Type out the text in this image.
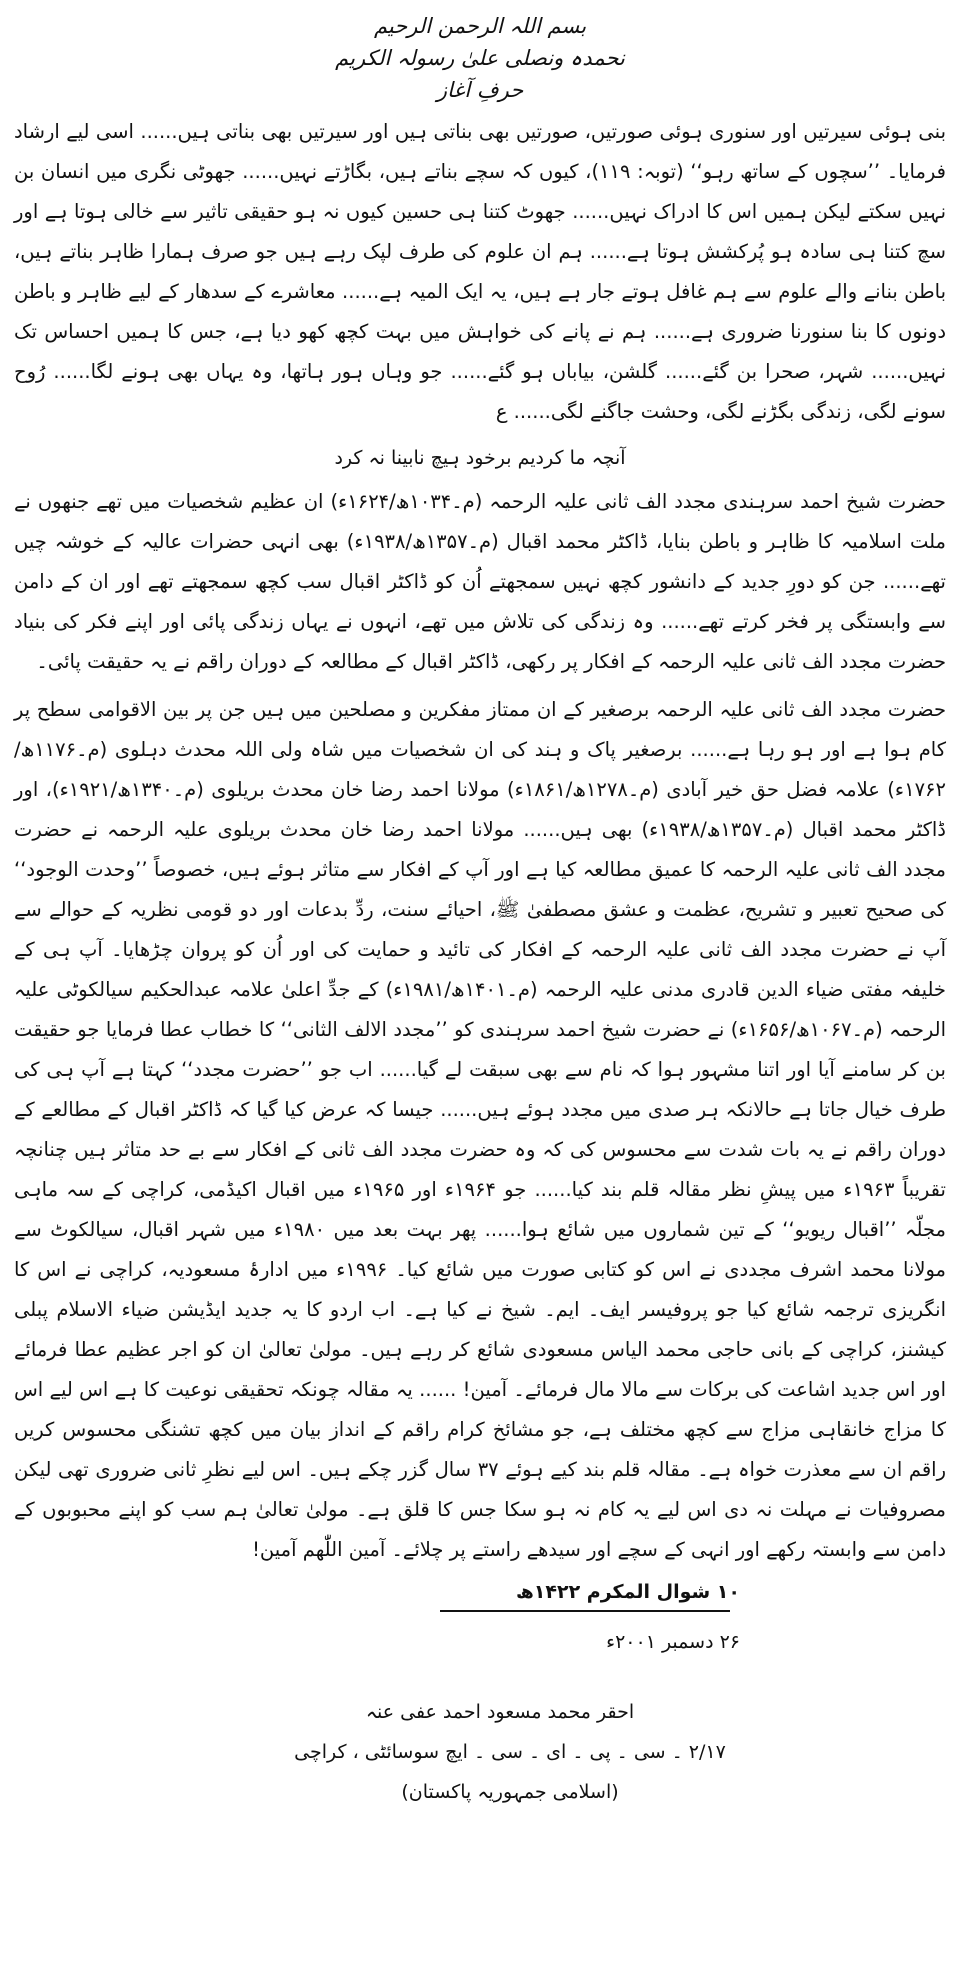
بسم اللہ الرحمن الرحیم
نحمدہ ونصلی علیٰ رسولہ الکریم
حرفِ آغاز

بنی ہوئی سیرتیں اور سنوری ہوئی صورتیں، صورتیں بھی بناتی ہیں اور سیرتیں بھی بناتی ہیں...... اسی لیے ارشاد فرمایا۔ ’’سچوں کے ساتھ رہو‘‘ (توبہ: ۱۱۹)، کیوں کہ سچے بناتے ہیں، بگاڑتے نہیں...... جھوٹی نگری میں انسان بن نہیں سکتے لیکن ہمیں اس کا ادراک نہیں...... جھوٹ کتنا ہی حسین کیوں نہ ہو حقیقی تاثیر سے خالی ہوتا ہے اور سچ کتنا ہی سادہ ہو پُرکشش ہوتا ہے...... ہم ان علوم کی طرف لپک رہے ہیں جو صرف ہمارا ظاہر بناتے ہیں، باطن بنانے والے علوم سے ہم غافل ہوتے جار ہے ہیں، یہ ایک المیہ ہے...... معاشرے کے سدھار کے لیے ظاہر و باطن دونوں کا بنا سنورنا ضروری ہے...... ہم نے پانے کی خواہش میں بہت کچھ کھو دیا ہے، جس کا ہمیں احساس تک نہیں...... شہر، صحرا بن گئے...... گلشن، بیاباں ہو گئے...... جو وہاں ہور ہاتھا، وہ یہاں بھی ہونے لگا...... رُوح سونے لگی، زندگی بگڑنے لگی، وحشت جاگنے لگی...... ع

آنچہ ما کردیم برخود ہیچ نابینا نہ کرد

حضرت شیخ احمد سرہندی مجدد الف ثانی علیہ الرحمہ (م۔۱۰۳۴ھ/۱۶۲۴ء) ان عظیم شخصیات میں تھے جنھوں نے ملت اسلامیہ کا ظاہر و باطن بنایا، ڈاکٹر محمد اقبال (م۔۱۳۵۷ھ/۱۹۳۸ء) بھی انہی حضرات عالیہ کے خوشہ چیں تھے...... جن کو دورِ جدید کے دانشور کچھ نہیں سمجھتے اُن کو ڈاکٹر اقبال سب کچھ سمجھتے تھے اور ان کے دامن سے وابستگی پر فخر کرتے تھے...... وہ زندگی کی تلاش میں تھے، انہوں نے یہاں زندگی پائی اور اپنے فکر کی بنیاد حضرت مجدد الف ثانی علیہ الرحمہ کے افکار پر رکھی، ڈاکٹر اقبال کے مطالعہ کے دوران راقم نے یہ حقیقت پائی۔

حضرت مجدد الف ثانی علیہ الرحمہ برصغیر کے ان ممتاز مفکرین و مصلحین میں ہیں جن پر بین الاقوامی سطح پر کام ہوا ہے اور ہو رہا ہے...... برصغیر پاک و ہند کی ان شخصیات میں شاہ ولی اللہ محدث دہلوی (م۔۱۱۷۶ھ/۱۷۶۲ء) علامہ فضل حق خیر آبادی (م۔۱۲۷۸ھ/۱۸۶۱ء) مولانا احمد رضا خان محدث بریلوی (م۔۱۳۴۰ھ/۱۹۲۱ء)، اور ڈاکٹر محمد اقبال (م۔۱۳۵۷ھ/۱۹۳۸ء) بھی ہیں...... مولانا احمد رضا خان محدث بریلوی علیہ الرحمہ نے حضرت مجدد الف ثانی علیہ الرحمہ کا عمیق مطالعہ کیا ہے اور آپ کے افکار سے متاثر ہوئے ہیں، خصوصاً ’’وحدت الوجود‘‘ کی صحیح تعبیر و تشریح، عظمت و عشق مصطفیٰ ﷺ، احیائے سنت، ردِّ بدعات اور دو قومی نظریہ کے حوالے سے آپ نے حضرت مجدد الف ثانی علیہ الرحمہ کے افکار کی تائید و حمایت کی اور اُن کو پروان چڑھایا۔ آپ ہی کے خلیفہ مفتی ضیاء الدین قادری مدنی علیہ الرحمہ (م۔۱۴۰۱ھ/۱۹۸۱ء) کے جدِّ اعلیٰ علامہ عبدالحکیم سیالکوٹی علیہ الرحمہ (م۔۱۰۶۷ھ/۱۶۵۶ء) نے حضرت شیخ احمد سرہندی کو ’’مجدد الالف الثانی‘‘ کا خطاب عطا فرمایا جو حقیقت بن کر سامنے آیا اور اتنا مشہور ہوا کہ نام سے بھی سبقت لے گیا...... اب جو ’’حضرت مجدد‘‘ کہتا ہے آپ ہی کی طرف خیال جاتا ہے حالانکہ ہر صدی میں مجدد ہوئے ہیں...... جیسا کہ عرض کیا گیا کہ ڈاکٹر اقبال کے مطالعے کے دوران راقم نے یہ بات شدت سے محسوس کی کہ وہ حضرت مجدد الف ثانی کے افکار سے بے حد متاثر ہیں چنانچہ تقریباً ۱۹۶۳ء میں پیشِ نظر مقالہ قلم بند کیا...... جو ۱۹۶۴ء اور ۱۹۶۵ء میں اقبال اکیڈمی، کراچی کے سہ ماہی مجلّہ ’’اقبال ریویو‘‘ کے تین شماروں میں شائع ہوا...... پھر بہت بعد میں ۱۹۸۰ء میں شہر اقبال، سیالکوٹ سے مولانا محمد اشرف مجددی نے اس کو کتابی صورت میں شائع کیا۔ ۱۹۹۶ء میں ادارۂ مسعودیہ، کراچی نے اس کا انگریزی ترجمہ شائع کیا جو پروفیسر ایف۔ ایم۔ شیخ نے کیا ہے۔ اب اردو کا یہ جدید ایڈیشن ضیاء الاسلام پبلی کیشنز، کراچی کے بانی حاجی محمد الیاس مسعودی شائع کر رہے ہیں۔ مولیٰ تعالیٰ ان کو اجر عظیم عطا فرمائے اور اس جدید اشاعت کی برکات سے مالا مال فرمائے۔ آمین! ...... یہ مقالہ چونکہ تحقیقی نوعیت کا ہے اس لیے اس کا مزاج خانقاہی مزاج سے کچھ مختلف ہے، جو مشائخ کرام راقم کے انداز بیان میں کچھ تشنگی محسوس کریں راقم ان سے معذرت خواہ ہے۔ مقالہ قلم بند کیے ہوئے ۳۷ سال گزر چکے ہیں۔ اس لیے نظرِ ثانی ضروری تھی لیکن مصروفیات نے مہلت نہ دی اس لیے یہ کام نہ ہو سکا جس کا قلق ہے۔ مولیٰ تعالیٰ ہم سب کو اپنے محبوبوں کے دامن سے وابستہ رکھے اور انہی کے سچے اور سیدھے راستے پر چلائے۔ آمین اللّٰھم آمین!

۱۰ شوال المکرم ۱۴۲۲ھ
۲۶ دسمبر ۲۰۰۱ء
احقر محمد مسعود احمد عفی عنہ
۲/۱۷ ۔ سی ۔ پی ۔ ای ۔ سی ۔ ایچ سوسائٹی ، کراچی
(اسلامی جمہوریہ پاکستان)
